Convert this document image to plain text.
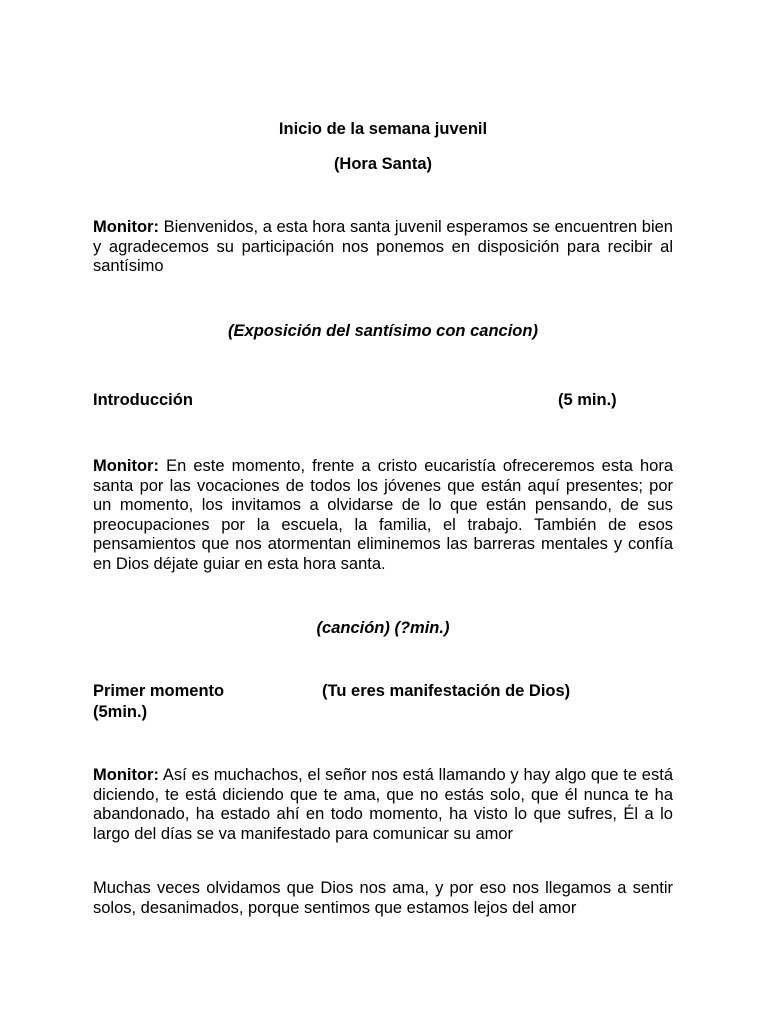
Inicio de la semana juvenil
(Hora Santa)

Monitor: Bienvenidos, a esta hora santa juvenil esperamos se encuentren bien y agradecemos su participación nos ponemos en disposición para recibir al santísimo

(Exposición del santísimo con cancion)
Introducción	(5 min.)

Monitor: En este momento, frente a cristo eucaristía ofreceremos esta hora santa por las vocaciones de todos los jóvenes que están aquí presentes; por un momento, los invitamos a olvidarse de lo que están pensando, de sus preocupaciones por la escuela, la familia, el trabajo. También de esos pensamientos que nos atormentan eliminemos las barreras mentales y confía en Dios déjate guiar en esta hora santa.

(canción) (?min.)
Primer momento	(Tu eres manifestación de Dios)
(5min.)

Monitor: Así es muchachos, el señor nos está llamando y hay algo que te está diciendo, te está diciendo que te ama, que no estás solo, que él nunca te ha abandonado, ha estado ahí en todo momento, ha visto lo que sufres, Él a lo largo del días se va manifestado para comunicar su amor

Muchas veces olvidamos que Dios nos ama, y por eso nos llegamos a sentir solos, desanimados, porque sentimos que estamos lejos del amor
